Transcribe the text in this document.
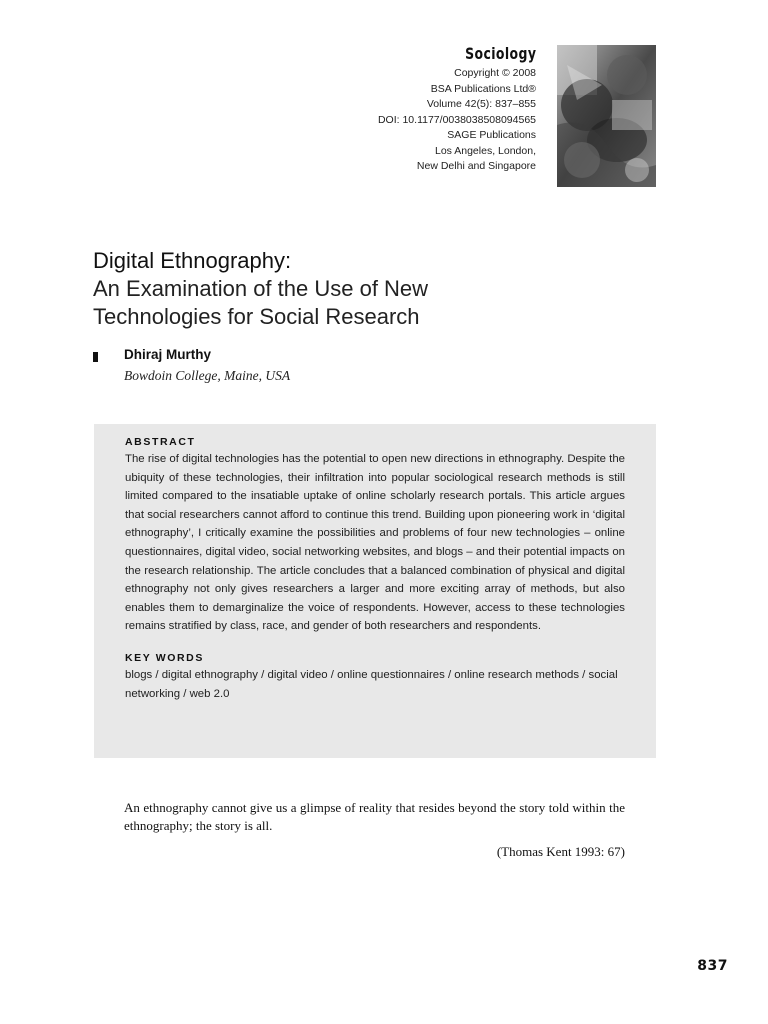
Sociology
Copyright © 2008
BSA Publications Ltd®
Volume 42(5): 837–855
DOI: 10.1177/0038038508094565
SAGE Publications
Los Angeles, London,
New Delhi and Singapore
Digital Ethnography:
An Examination of the Use of New
Technologies for Social Research
Dhiraj Murthy
Bowdoin College, Maine, USA

ABSTRACT

The rise of digital technologies has the potential to open new directions in ethnography. Despite the ubiquity of these technologies, their infiltration into popular sociological research methods is still limited compared to the insatiable uptake of online scholarly research portals. This article argues that social researchers cannot afford to continue this trend. Building upon pioneering work in ‘digital ethnography’, I critically examine the possibilities and problems of four new technologies – online questionnaires, digital video, social networking websites, and blogs – and their potential impacts on the research relationship. The article concludes that a balanced combination of physical and digital ethnography not only gives researchers a larger and more exciting array of methods, but also enables them to demarginalize the voice of respondents. However, access to these technologies remains stratified by class, race, and gender of both researchers and respondents.

KEY WORDS

blogs / digital ethnography / digital video / online questionnaires / online research methods / social networking / web 2.0

An ethnography cannot give us a glimpse of reality that resides beyond the story told within the ethnography; the story is all.
(Thomas Kent 1993: 67)
837
